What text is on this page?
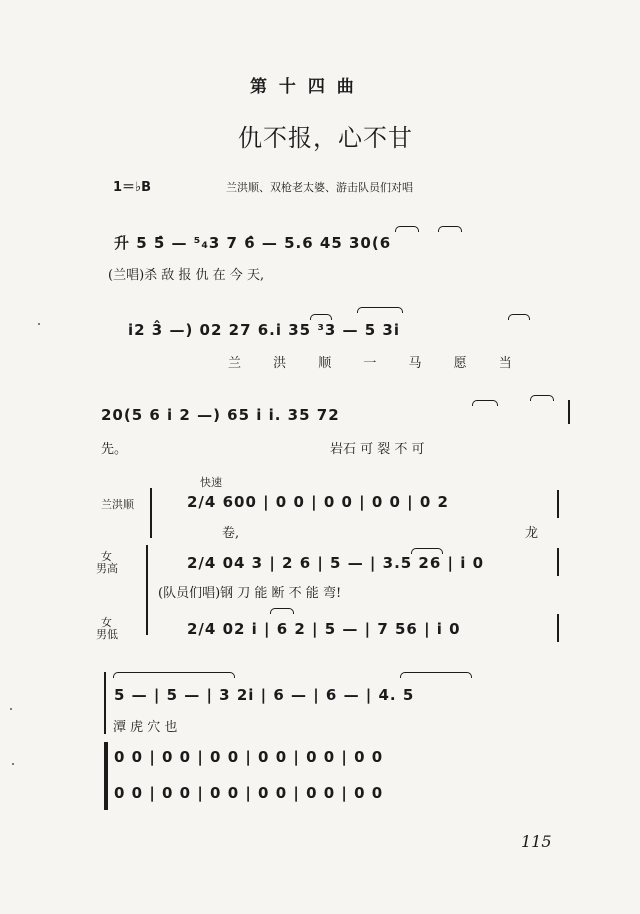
第 十 四 曲
仇不报，心不甘
1＝♭B	兰洪顺、双枪老太婆、游击队员们对唱
升 5 5̂ — ⁵₄3 7 6̂ — 5.6 45 30(6
(兰唱)杀 敌 报 仇 在 今 天,
i2 3̂ —) 02 27 6.i 35 ³3 — 5 3i
兰 洪 顺 一 马 愿 当
20(5 6 i 2 —) 65 i i. 35 72
先。	岩石 可 裂 不 可
快速
兰洪顺	2/4 600 | 0 0 | 0 0 | 0 0 | 0 2
卷,	龙
女
男高	2/4 04 3 | 2 6 | 5 — | 3.5 26 | i 0
(队员们唱)钢 刀 能 断 不 能 弯!
女
男低	2/4 02 i | 6 2 | 5 — | 7 56 | i 0
5 — | 5 — | 3 2i | 6 — | 6 — | 4. 5
潭 虎 穴 也
0 0 | 0 0 | 0 0 | 0 0 | 0 0 | 0 0
0 0 | 0 0 | 0 0 | 0 0 | 0 0 | 0 0
115
